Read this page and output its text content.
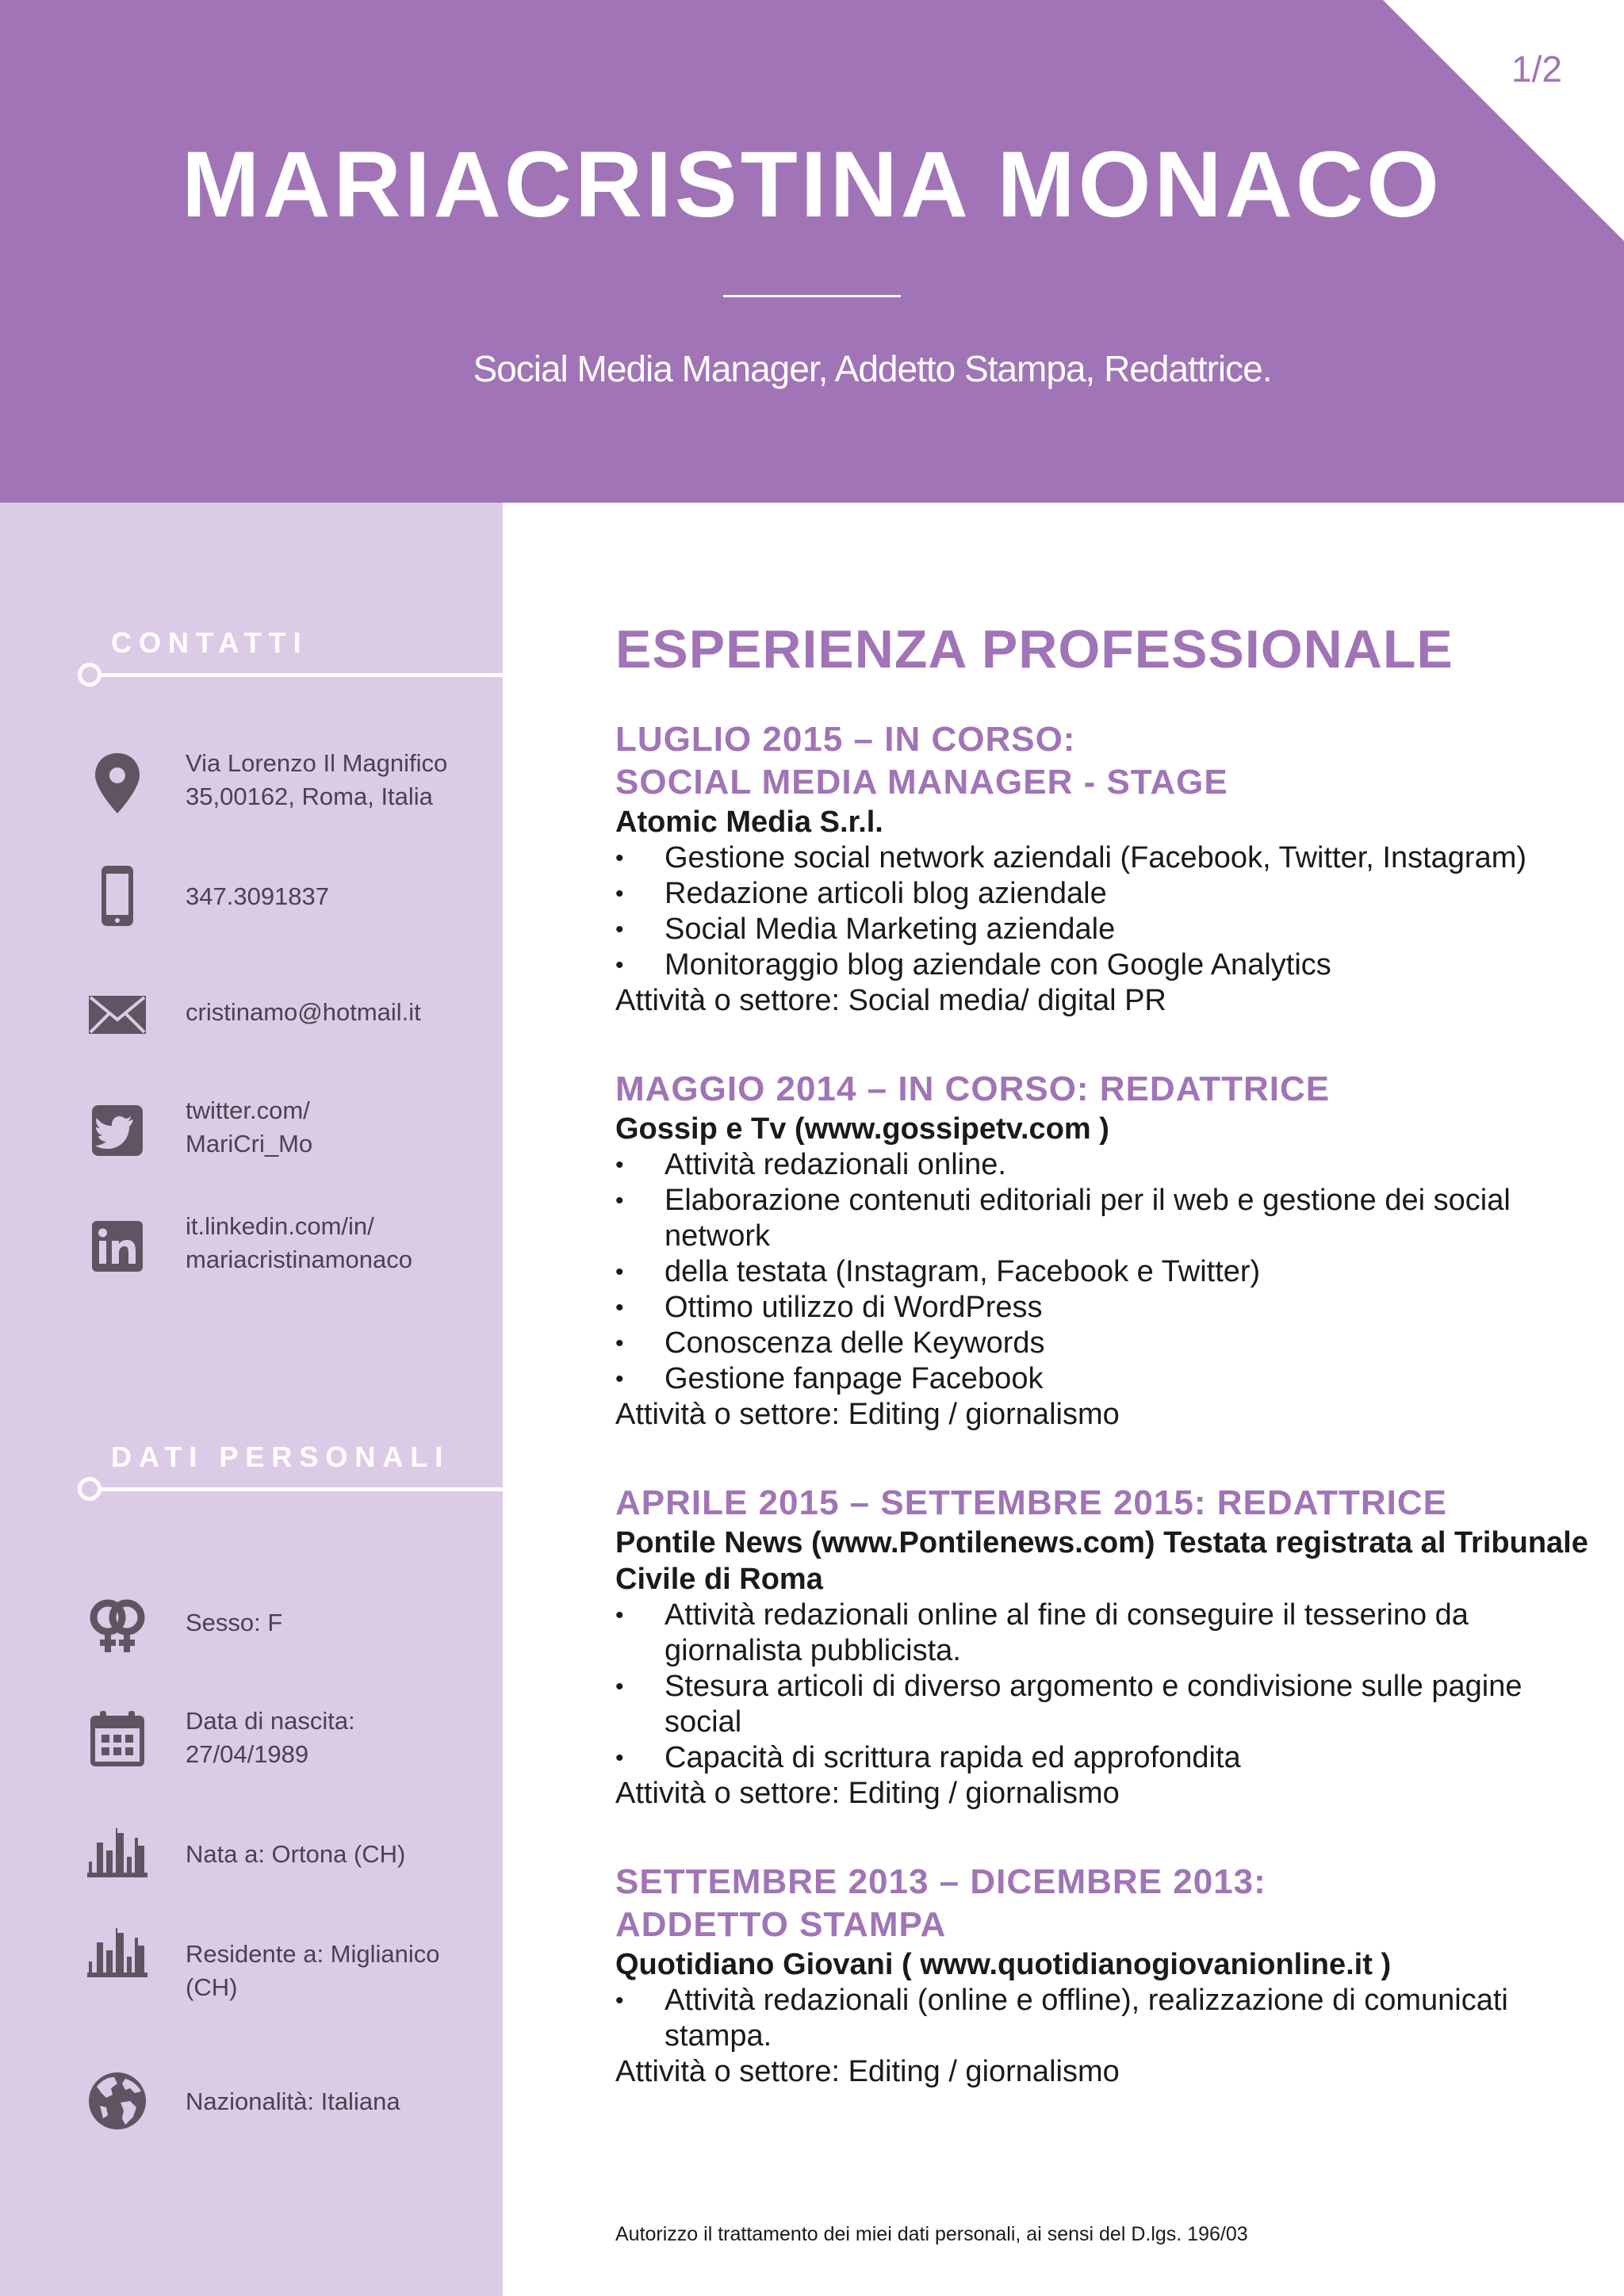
MARIACRISTINA MONACO
Social Media Manager, Addetto Stampa, Redattrice.
1/2
CONTATTI
Via Lorenzo Il Magnifico
35,00162, Roma, Italia
347.3091837
cristinamo@hotmail.it
twitter.com/
MariCri_Mo
it.linkedin.com/in/
mariacristinamonaco
DATI PERSONALI
Sesso: F
Data di nascita:
27/04/1989
Nata a: Ortona (CH)
Residente a: Miglianico
(CH)
Nazionalità: Italiana
ESPERIENZA PROFESSIONALE
LUGLIO 2015 – IN CORSO:
SOCIAL MEDIA MANAGER - STAGE
Atomic Media S.r.l.
• Gestione social network aziendali (Facebook, Twitter, Instagram)
• Redazione articoli blog aziendale
• Social Media Marketing aziendale
• Monitoraggio blog aziendale con Google Analytics
Attività o settore: Social media/ digital PR
MAGGIO 2014 – IN CORSO: REDATTRICE
Gossip e Tv (www.gossipetv.com )
• Attività redazionali online.
• Elaborazione contenuti editoriali per il web e gestione dei social network
• della testata (Instagram, Facebook e Twitter)
• Ottimo utilizzo di WordPress
• Conoscenza delle Keywords
• Gestione fanpage Facebook
Attività o settore: Editing / giornalismo
APRILE 2015 – SETTEMBRE 2015: REDATTRICE
Pontile News (www.Pontilenews.com) Testata registrata al Tribunale Civile di Roma
• Attività redazionali online al fine di conseguire il tesserino da giornalista pubblicista.
• Stesura articoli di diverso argomento e condivisione sulle pagine social
• Capacità di scrittura rapida ed approfondita
Attività o settore: Editing / giornalismo
SETTEMBRE 2013 – DICEMBRE 2013:
ADDETTO STAMPA
Quotidiano Giovani ( www.quotidianogiovanionline.it )
• Attività redazionali (online e offline), realizzazione di comunicati stampa.
Attività o settore: Editing / giornalismo
Autorizzo il trattamento dei miei dati personali, ai sensi del D.lgs. 196/03
